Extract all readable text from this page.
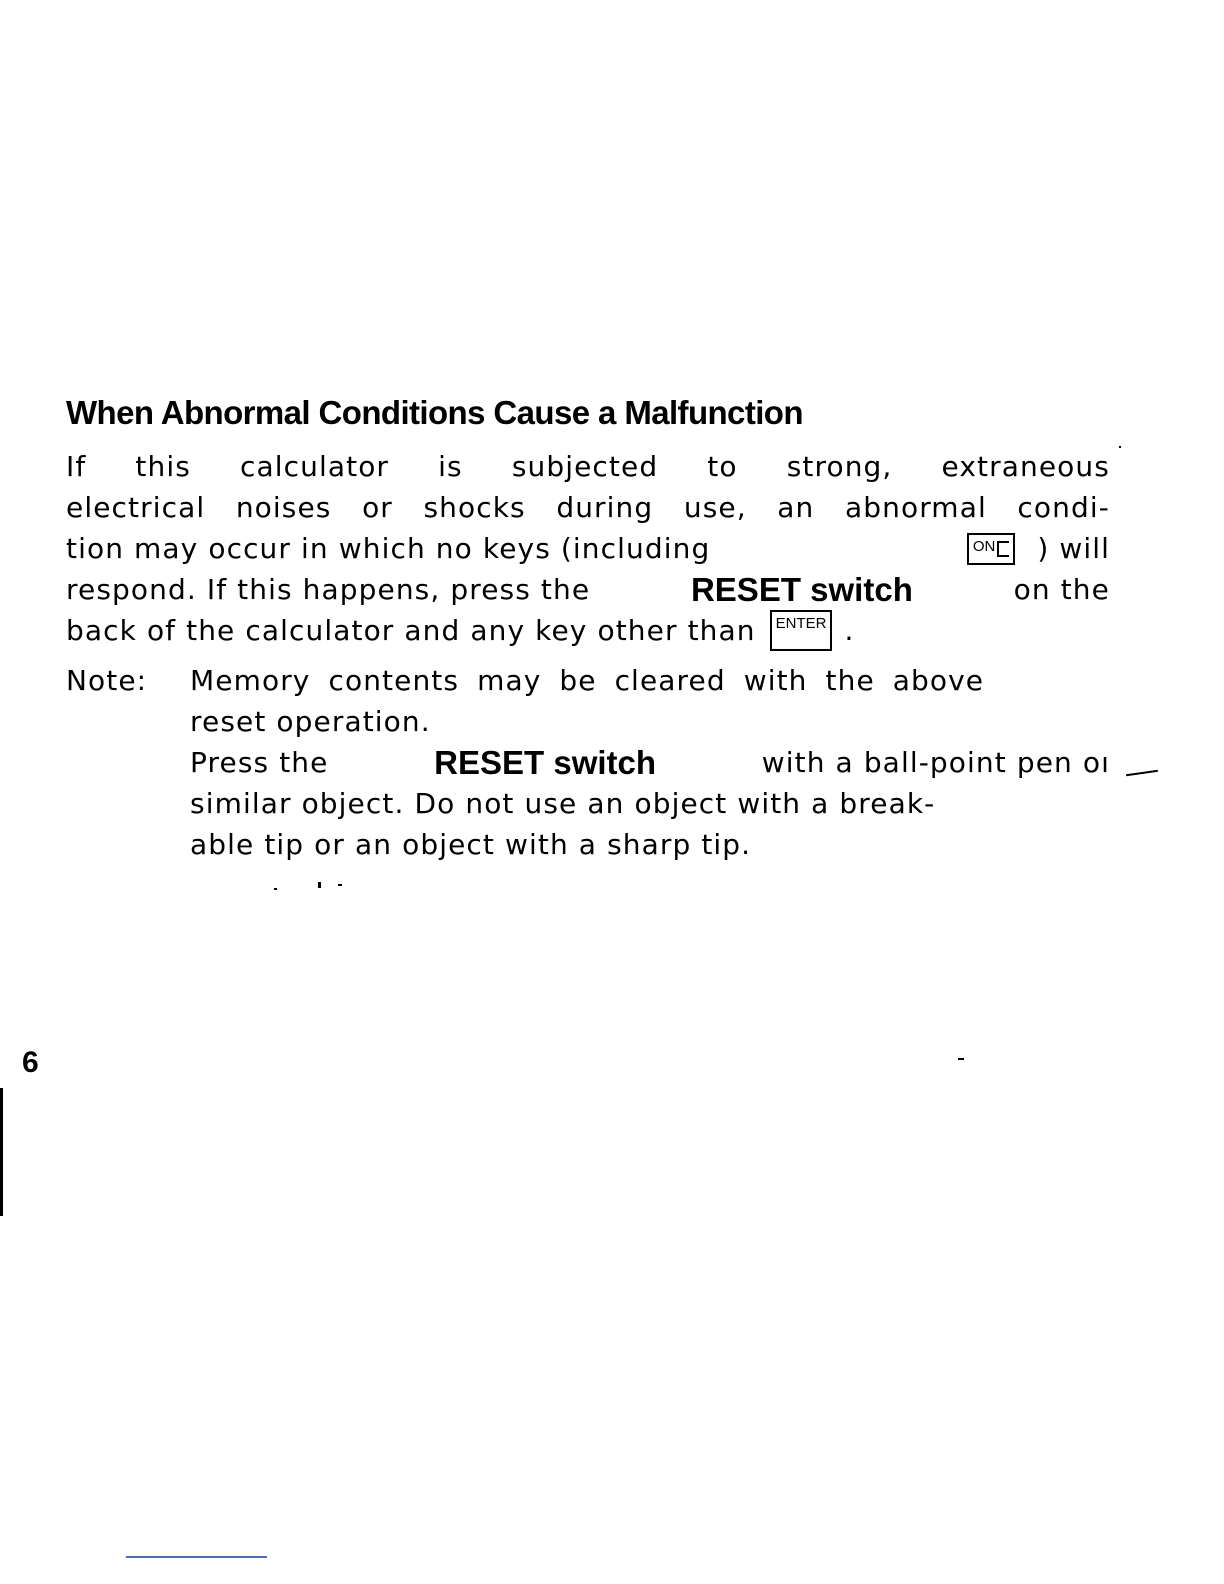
When Abnormal Conditions Cause a Malfunction
If this calculator is subjected to strong, extraneous
electrical noises or shocks during use, an abnormal condi-
tion may occur in which no keys (including	ON	) will
respond. If this happens, press the	RESET switch	on the
back of the calculator and any key other than	ENTER .
Note: Memory contents may be cleared with the above
reset operation.
Press the	RESET switch	with a ball-point pen oı
similar object. Do not use an object with a break-
able tip or an object with a sharp tip.
6
